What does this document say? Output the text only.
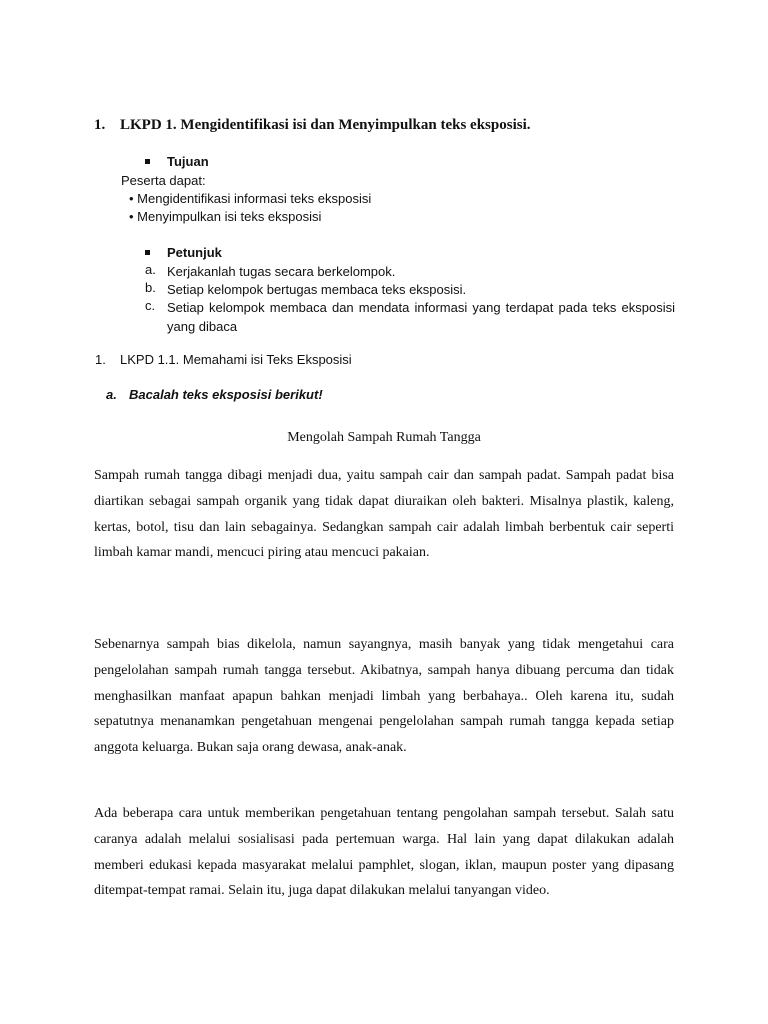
1. LKPD 1. Mengidentifikasi isi dan Menyimpulkan teks eksposisi.
Tujuan
Peserta dapat:
• Mengidentifikasi informasi teks eksposisi
• Menyimpulkan isi teks eksposisi
Petunjuk
a. Kerjakanlah tugas secara berkelompok.
b. Setiap kelompok bertugas membaca teks eksposisi.
c. Setiap kelompok membaca dan mendata informasi yang terdapat pada teks eksposisi yang dibaca
1. LKPD 1.1. Memahami isi Teks Eksposisi
a. Bacalah teks eksposisi berikut!
Mengolah Sampah Rumah Tangga
Sampah rumah tangga dibagi menjadi dua, yaitu sampah cair dan sampah padat. Sampah padat bisa diartikan sebagai sampah organik yang tidak dapat diuraikan oleh bakteri. Misalnya plastik, kaleng, kertas, botol, tisu dan lain sebagainya. Sedangkan sampah cair adalah limbah berbentuk cair seperti limbah kamar mandi, mencuci piring atau mencuci pakaian.
Sebenarnya sampah bias dikelola, namun sayangnya, masih banyak yang tidak mengetahui cara pengelolahan sampah rumah tangga tersebut. Akibatnya, sampah hanya dibuang percuma dan tidak menghasilkan manfaat apapun bahkan menjadi limbah yang berbahaya.. Oleh karena itu, sudah sepatutnya menanamkan pengetahuan mengenai pengelolahan sampah rumah tangga kepada setiap anggota keluarga. Bukan saja orang dewasa, anak-anak.
Ada beberapa cara untuk memberikan pengetahuan tentang pengolahan sampah tersebut. Salah satu caranya adalah melalui sosialisasi pada pertemuan warga. Hal lain yang dapat dilakukan adalah memberi edukasi kepada masyarakat melalui pamphlet, slogan, iklan, maupun poster yang dipasang ditempat-tempat ramai. Selain itu, juga dapat dilakukan melalui tanyangan video.
